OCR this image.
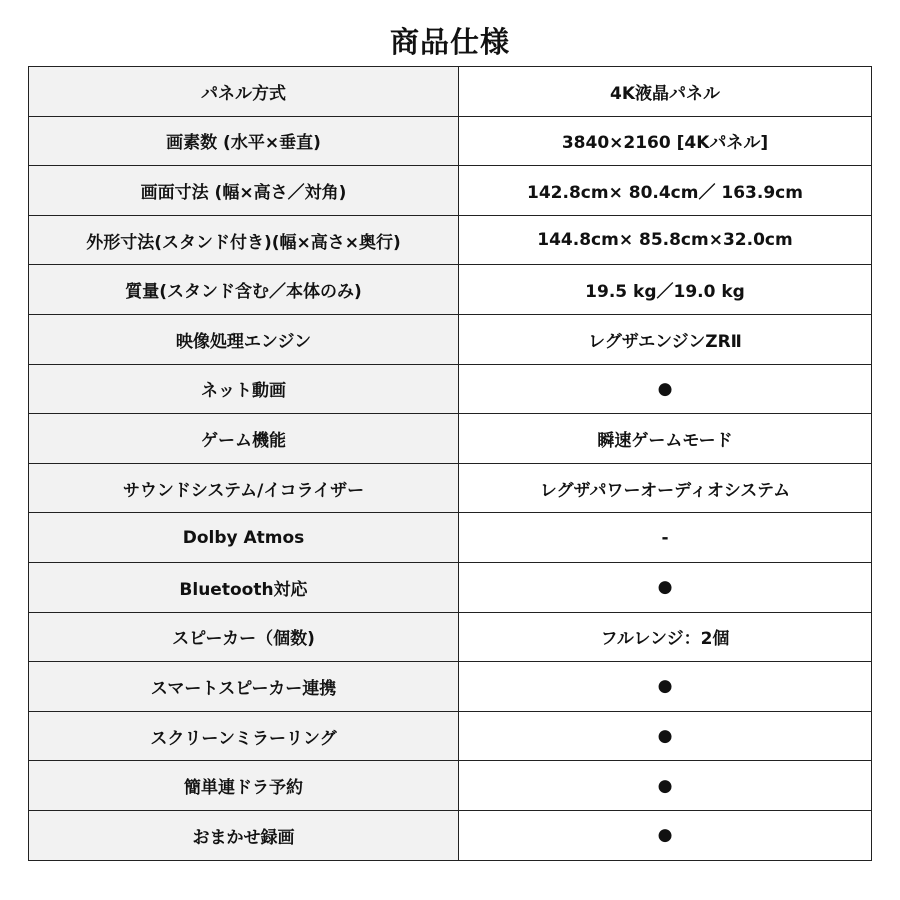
商品仕様
パネル方式	4K液晶パネル
画素数 (水平×垂直)	3840×2160 [4Kパネル]
画面寸法 (幅×高さ／対角)	142.8cm× 80.4cm／ 163.9cm
外形寸法(スタンド付き)(幅×高さ×奥行)	144.8cm× 85.8cm×32.0cm
質量(スタンド含む／本体のみ)	19.5 kg／19.0 kg
映像処理エンジン	レグザエンジンZRⅡ
ネット動画	●
ゲーム機能	瞬速ゲームモード
サウンドシステム/イコライザー	レグザパワーオーディオシステム
Dolby Atmos	-
Bluetooth対応	●
スピーカー（個数)	フルレンジ：2個
スマートスピーカー連携	●
スクリーンミラーリング	●
簡単連ドラ予約	●
おまかせ録画	●
